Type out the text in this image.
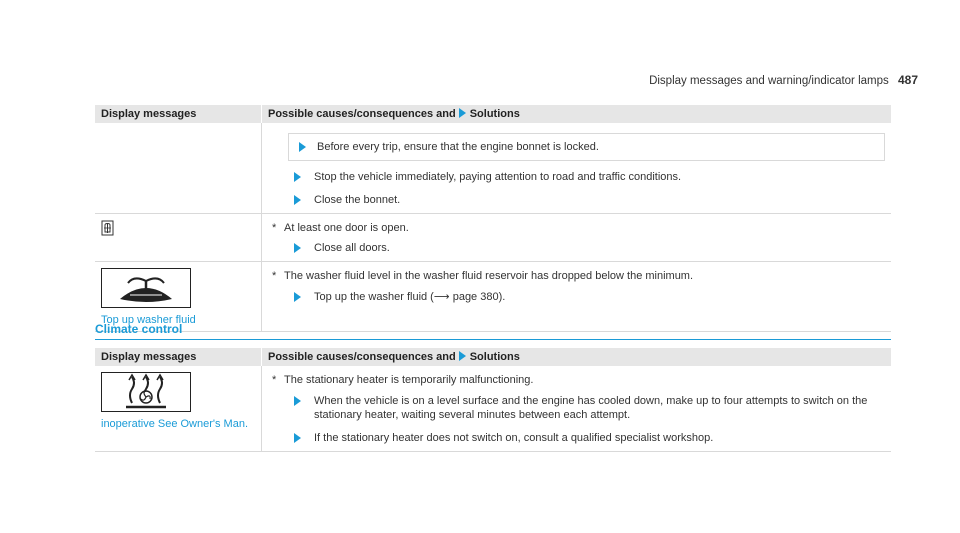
Display messages and warning/indicator lamps 487
Display messages	Possible causes/consequences and Solutions

Before every trip, ensure that the engine bonnet is locked.
Stop the vehicle immediately, paying attention to road and traffic conditions.
Close the bonnet.

* At least one door is open.
Close all doors.

Top up washer fluid	* The washer fluid level in the washer fluid reservoir has dropped below the minimum.
Top up the washer fluid (⟶ page 380).
Climate control
Display messages	Possible causes/consequences and Solutions

inoperative See Owner's Man.	* The stationary heater is temporarily malfunctioning.
When the vehicle is on a level surface and the engine has cooled down, make up to four attempts to switch on the stationary heater, waiting several minutes between each attempt.
If the stationary heater does not switch on, consult a qualified specialist workshop.
